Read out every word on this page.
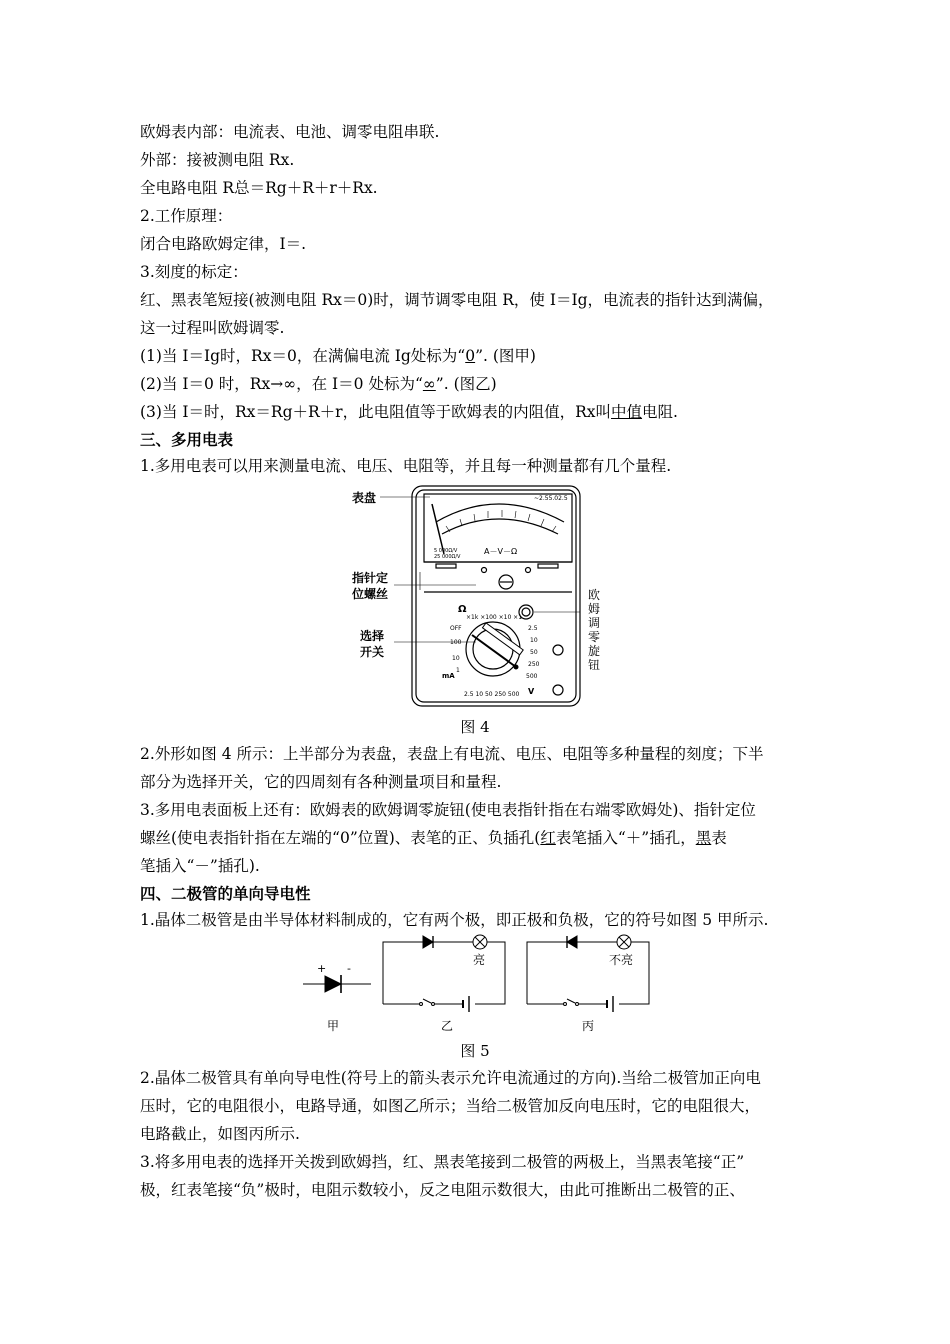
欧姆表内部：电流表、电池、调零电阻串联.
外部：接被测电阻 Rx.
全电路电阻 R总＝Rg＋R＋r＋Rx.
2.工作原理：
闭合电路欧姆定律，I＝.
3.刻度的标定：
红、黑表笔短接(被测电阻 Rx＝0)时，调节调零电阻 R，使 I＝Ig，电流表的指针达到满偏，
这一过程叫欧姆调零.
(1)当 I＝Ig时，Rx＝0，在满偏电流 Ig处标为“0”. (图甲)
(2)当 I＝0 时，Rx→∞，在 I＝0 处标为“∞”. (图乙)
(3)当 I＝时，Rx＝Rg＋R＋r，此电阻值等于欧姆表的内阻值，Rx叫中值电阻.
三、多用电表
1.多用电表可以用来测量电流、电压、电阻等，并且每一种测量都有几个量程.
表盘
指针定
位螺丝
选择
开关
欧
姆
调
零
旋
钮
A－V－Ω
~2.55.02.5
5 000Ω/V
25 000Ω/V
Ω
×1k ×100 ×10 ×1
OFF
100
10
1
mA
2.5
10
50
250
500
2.5 10 50 250 500 V
图 4
2.外形如图 4 所示：上半部分为表盘，表盘上有电流、电压、电阻等多种量程的刻度；下半
部分为选择开关，它的四周刻有各种测量项目和量程.
3.多用电表面板上还有：欧姆表的欧姆调零旋钮(使电表指针指在右端零欧姆处)、指针定位
螺丝(使电表指针指在左端的“0”位置)、表笔的正、负插孔(红表笔插入“＋”插孔，黑表
笔插入“－”插孔).
四、二极管的单向导电性
1.晶体二极管是由半导体材料制成的，它有两个极，即正极和负极，它的符号如图 5 甲所示.
+ -
亮	不亮
甲	乙	丙
图 5
2.晶体二极管具有单向导电性(符号上的箭头表示允许电流通过的方向).当给二极管加正向电
压时，它的电阻很小，电路导通，如图乙所示；当给二极管加反向电压时，它的电阻很大，
电路截止，如图丙所示.
3.将多用电表的选择开关拨到欧姆挡，红、黑表笔接到二极管的两极上，当黑表笔接“正”
极，红表笔接“负”极时，电阻示数较小，反之电阻示数很大，由此可推断出二极管的正、
